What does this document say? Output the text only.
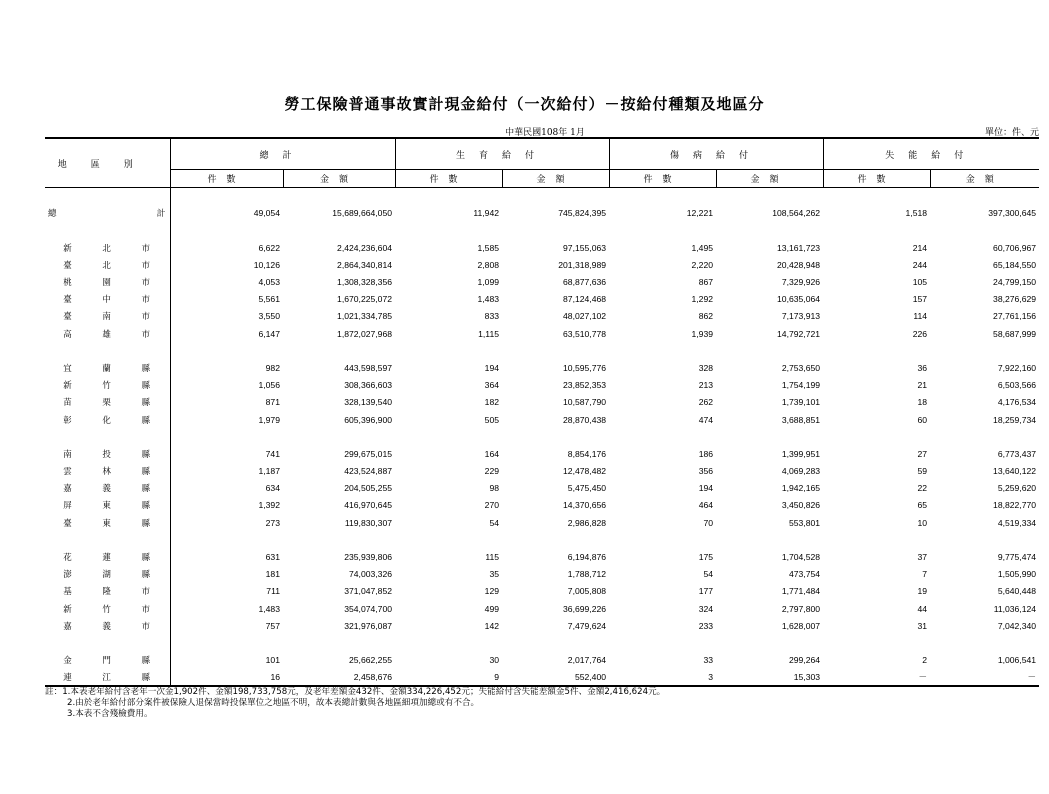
勞工保險普通事故實計現金給付（一次給付）－按給付種類及地區分
中華民國108年 1月	單位：件、元
地區別	總計		生育給付		傷病給付		失能給付	
	件數	金額	件數	金額	件數	金額	件數	金額

總 計	49,054	15,689,664,050	11,942	745,824,395	12,221	108,564,262	1,518	397,300,645

新 北 市	6,622	2,424,236,604	1,585	97,155,063	1,495	13,161,723	214	60,706,967
臺 北 市	10,126	2,864,340,814	2,808	201,318,989	2,220	20,428,948	244	65,184,550
桃 園 市	4,053	1,308,328,356	1,099	68,877,636	867	7,329,926	105	24,799,150
臺 中 市	5,561	1,670,225,072	1,483	87,124,468	1,292	10,635,064	157	38,276,629
臺 南 市	3,550	1,021,334,785	833	48,027,102	862	7,173,913	114	27,761,156
高 雄 市	6,147	1,872,027,968	1,115	63,510,778	1,939	14,792,721	226	58,687,999

宜 蘭 縣	982	443,598,597	194	10,595,776	328	2,753,650	36	7,922,160
新 竹 縣	1,056	308,366,603	364	23,852,353	213	1,754,199	21	6,503,566
苗 栗 縣	871	328,139,540	182	10,587,790	262	1,739,101	18	4,176,534
彰 化 縣	1,979	605,396,900	505	28,870,438	474	3,688,851	60	18,259,734

南 投 縣	741	299,675,015	164	8,854,176	186	1,399,951	27	6,773,437
雲 林 縣	1,187	423,524,887	229	12,478,482	356	4,069,283	59	13,640,122
嘉 義 縣	634	204,505,255	98	5,475,450	194	1,942,165	22	5,259,620
屏 東 縣	1,392	416,970,645	270	14,370,656	464	3,450,826	65	18,822,770
臺 東 縣	273	119,830,307	54	2,986,828	70	553,801	10	4,519,334

花 蓮 縣	631	235,939,806	115	6,194,876	175	1,704,528	37	9,775,474
澎 湖 縣	181	74,003,326	35	1,788,712	54	473,754	7	1,505,990
基 隆 市	711	371,047,852	129	7,005,808	177	1,771,484	19	5,640,448
新 竹 市	1,483	354,074,700	499	36,699,226	324	2,797,800	44	11,036,124
嘉 義 市	757	321,976,087	142	7,479,624	233	1,628,007	31	7,042,340

金 門 縣	101	25,662,255	30	2,017,764	33	299,264	2	1,006,541
連 江 縣	16	2,458,676	9	552,400	3	15,303	－	－
註：1.本表老年給付含老年一次金1,902件、金額198,733,758元，及老年差額金432件、金額334,226,452元；失能給付含失能差額金5件、金額2,416,624元。
2.由於老年給付部分案件被保險人退保當時投保單位之地區不明，故本表總計數與各地區細項加總或有不合。
3.本表不含殘檢費用。
